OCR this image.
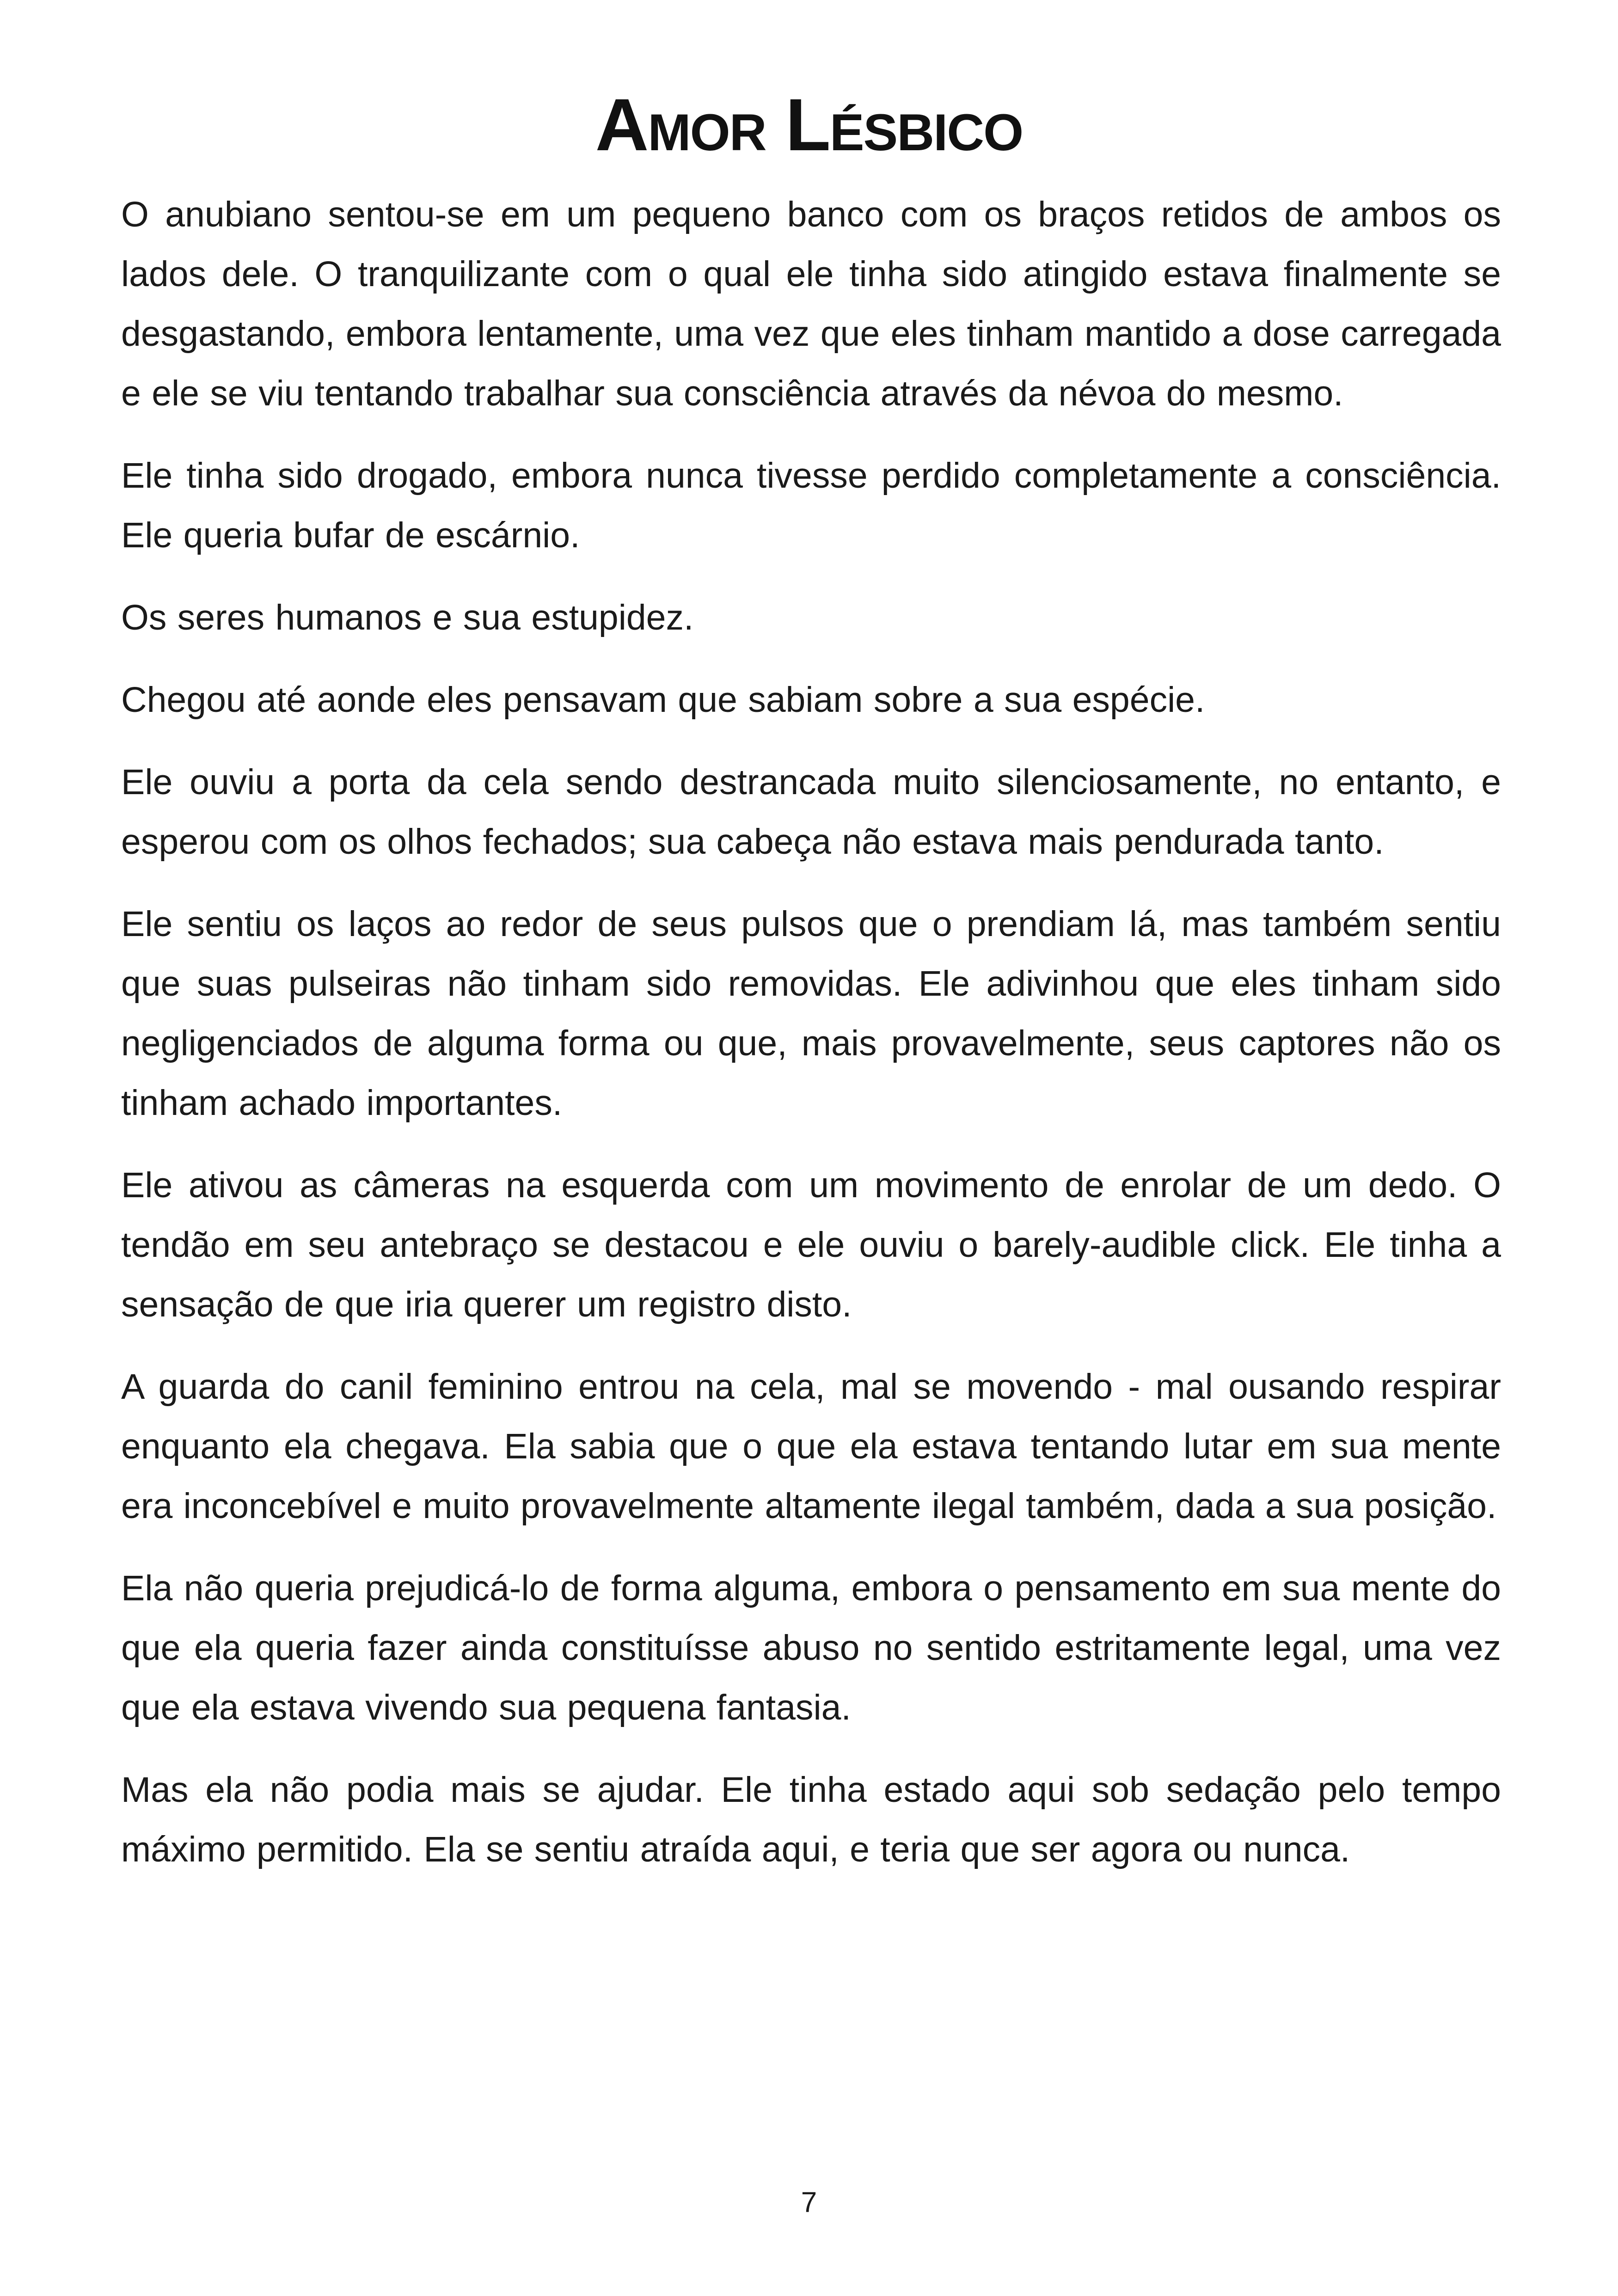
Amor Lésbico

O anubiano sentou-se em um pequeno banco com os braços retidos de ambos os lados dele. O tranquilizante com o qual ele tinha sido atingido estava finalmente se desgastando, embora lentamente, uma vez que eles tinham mantido a dose carregada e ele se viu tentando trabalhar sua consciência através da névoa do mesmo.

Ele tinha sido drogado, embora nunca tivesse perdido completamente a consciência. Ele queria bufar de escárnio.

Os seres humanos e sua estupidez.

Chegou até aonde eles pensavam que sabiam sobre a sua espécie.

Ele ouviu a porta da cela sendo destrancada muito silenciosamente, no entanto, e esperou com os olhos fechados; sua cabeça não estava mais pendurada tanto.

Ele sentiu os laços ao redor de seus pulsos que o prendiam lá, mas também sentiu que suas pulseiras não tinham sido removidas. Ele adivinhou que eles tinham sido negligenciados de alguma forma ou que, mais provavelmente, seus captores não os tinham achado importantes.

Ele ativou as câmeras na esquerda com um movimento de enrolar de um dedo. O tendão em seu antebraço se destacou e ele ouviu o barely-audible click. Ele tinha a sensação de que iria querer um registro disto.

A guarda do canil feminino entrou na cela, mal se movendo - mal ousando respirar enquanto ela chegava. Ela sabia que o que ela estava tentando lutar em sua mente era inconcebível e muito provavelmente altamente ilegal também, dada a sua posição.

Ela não queria prejudicá-lo de forma alguma, embora o pensamento em sua mente do que ela queria fazer ainda constituísse abuso no sentido estritamente legal, uma vez que ela estava vivendo sua pequena fantasia.

Mas ela não podia mais se ajudar. Ele tinha estado aqui sob sedação pelo tempo máximo permitido. Ela se sentiu atraída aqui, e teria que ser agora ou nunca.

7
